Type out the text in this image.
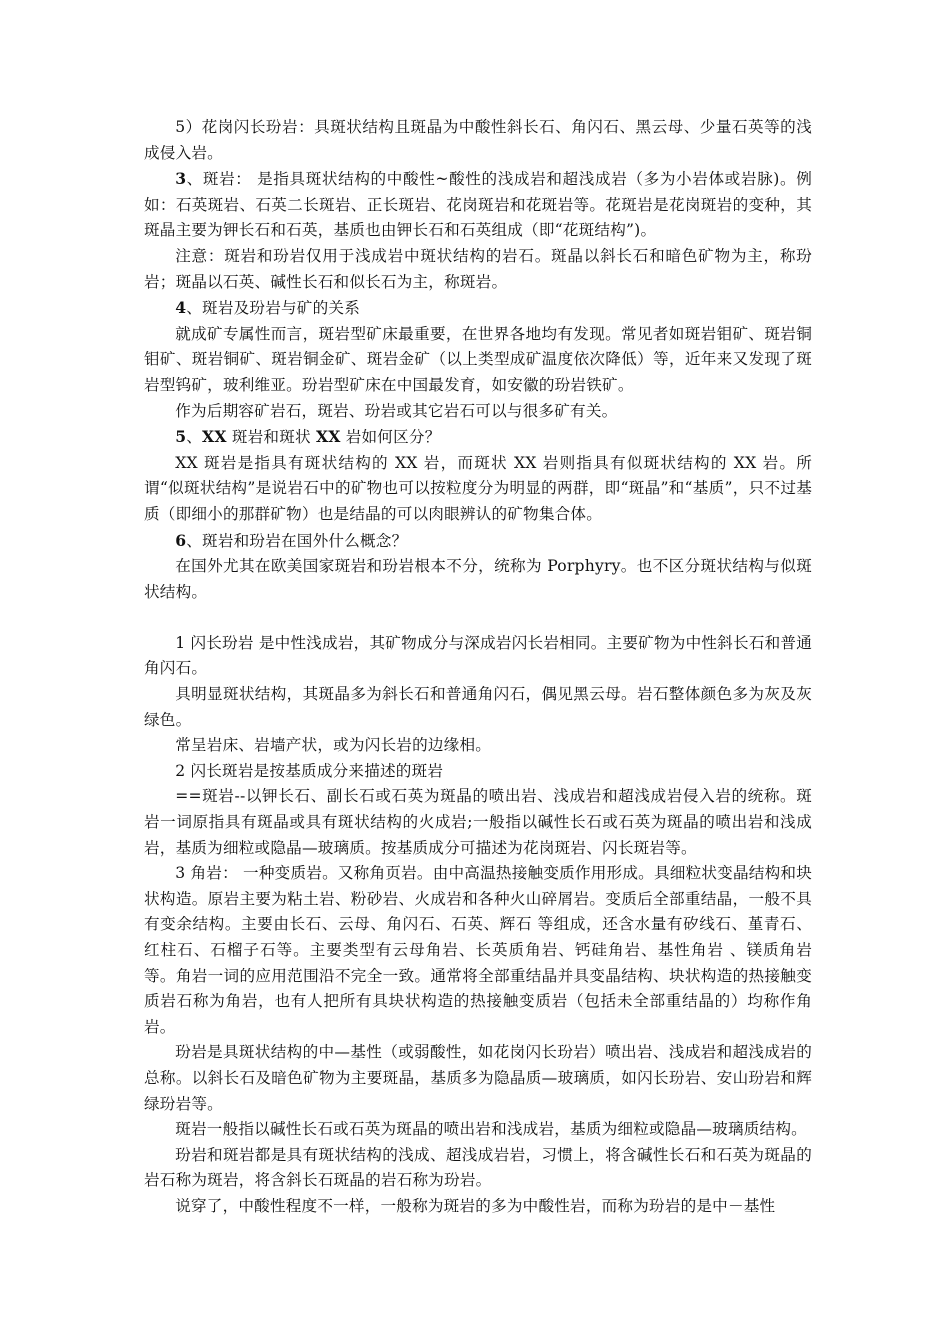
5）花岗闪长玢岩：具斑状结构且斑晶为中酸性斜长石、角闪石、黑云母、少量石英等的浅成侵入岩。

3、斑岩： 是指具斑状结构的中酸性~酸性的浅成岩和超浅成岩（多为小岩体或岩脉)。例如：石英斑岩、石英二长斑岩、正长斑岩、花岗斑岩和花斑岩等。花斑岩是花岗斑岩的变种，其斑晶主要为钾长石和石英，基质也由钾长石和石英组成（即“花斑结构”)。

注意：斑岩和玢岩仅用于浅成岩中斑状结构的岩石。斑晶以斜长石和暗色矿物为主，称玢岩；斑晶以石英、碱性长石和似长石为主，称斑岩。

4、斑岩及玢岩与矿的关系

就成矿专属性而言，斑岩型矿床最重要，在世界各地均有发现。常见者如斑岩钼矿、斑岩铜钼矿、斑岩铜矿、斑岩铜金矿、斑岩金矿（以上类型成矿温度依次降低）等，近年来又发现了斑岩型钨矿，玻利维亚。玢岩型矿床在中国最发育，如安徽的玢岩铁矿。

作为后期容矿岩石，斑岩、玢岩或其它岩石可以与很多矿有关。

5、XX 斑岩和斑状 XX 岩如何区分？

XX 斑岩是指具有斑状结构的 XX 岩，而斑状 XX 岩则指具有似斑状结构的 XX 岩。所谓“似斑状结构”是说岩石中的矿物也可以按粒度分为明显的两群，即“斑晶”和“基质”，只不过基质（即细小的那群矿物）也是结晶的可以肉眼辨认的矿物集合体。

6、斑岩和玢岩在国外什么概念？

在国外尤其在欧美国家斑岩和玢岩根本不分，统称为 Porphyry。也不区分斑状结构与似斑状结构。

1 闪长玢岩 是中性浅成岩，其矿物成分与深成岩闪长岩相同。主要矿物为中性斜长石和普通角闪石。

具明显斑状结构，其斑晶多为斜长石和普通角闪石，偶见黑云母。岩石整体颜色多为灰及灰绿色。

常呈岩床、岩墙产状，或为闪长岩的边缘相。

2 闪长斑岩是按基质成分来描述的斑岩

==斑岩--以钾长石、副长石或石英为斑晶的喷出岩、浅成岩和超浅成岩侵入岩的统称。斑岩一词原指具有斑晶或具有斑状结构的火成岩;一般指以碱性长石或石英为斑晶的喷出岩和浅成岩，基质为细粒或隐晶—玻璃质。按基质成分可描述为花岗斑岩、闪长斑岩等。

3 角岩： 一种变质岩。又称角页岩。由中高温热接触变质作用形成。具细粒状变晶结构和块状构造。原岩主要为粘土岩、粉砂岩、火成岩和各种火山碎屑岩。变质后全部重结晶，一般不具有变余结构。主要由长石、云母、角闪石、石英、辉石 等组成，还含水量有矽线石、堇青石、红柱石、石榴子石等。主要类型有云母角岩、长英质角岩、钙硅角岩、基性角岩 、镁质角岩等。角岩一词的应用范围沿不完全一致。通常将全部重结晶并具变晶结构、块状构造的热接触变质岩石称为角岩，也有人把所有具块状构造的热接触变质岩（包括未全部重结晶的）均称作角岩。

玢岩是具斑状结构的中—基性（或弱酸性，如花岗闪长玢岩）喷出岩、浅成岩和超浅成岩的总称。以斜长石及暗色矿物为主要斑晶，基质多为隐晶质—玻璃质，如闪长玢岩、安山玢岩和辉绿玢岩等。

斑岩一般指以碱性长石或石英为斑晶的喷出岩和浅成岩，基质为细粒或隐晶—玻璃质结构。

玢岩和斑岩都是具有斑状结构的浅成、超浅成岩岩，习惯上，将含碱性长石和石英为斑晶的岩石称为斑岩，将含斜长石斑晶的岩石称为玢岩。

说穿了，中酸性程度不一样，一般称为斑岩的多为中酸性岩，而称为玢岩的是中－基性
